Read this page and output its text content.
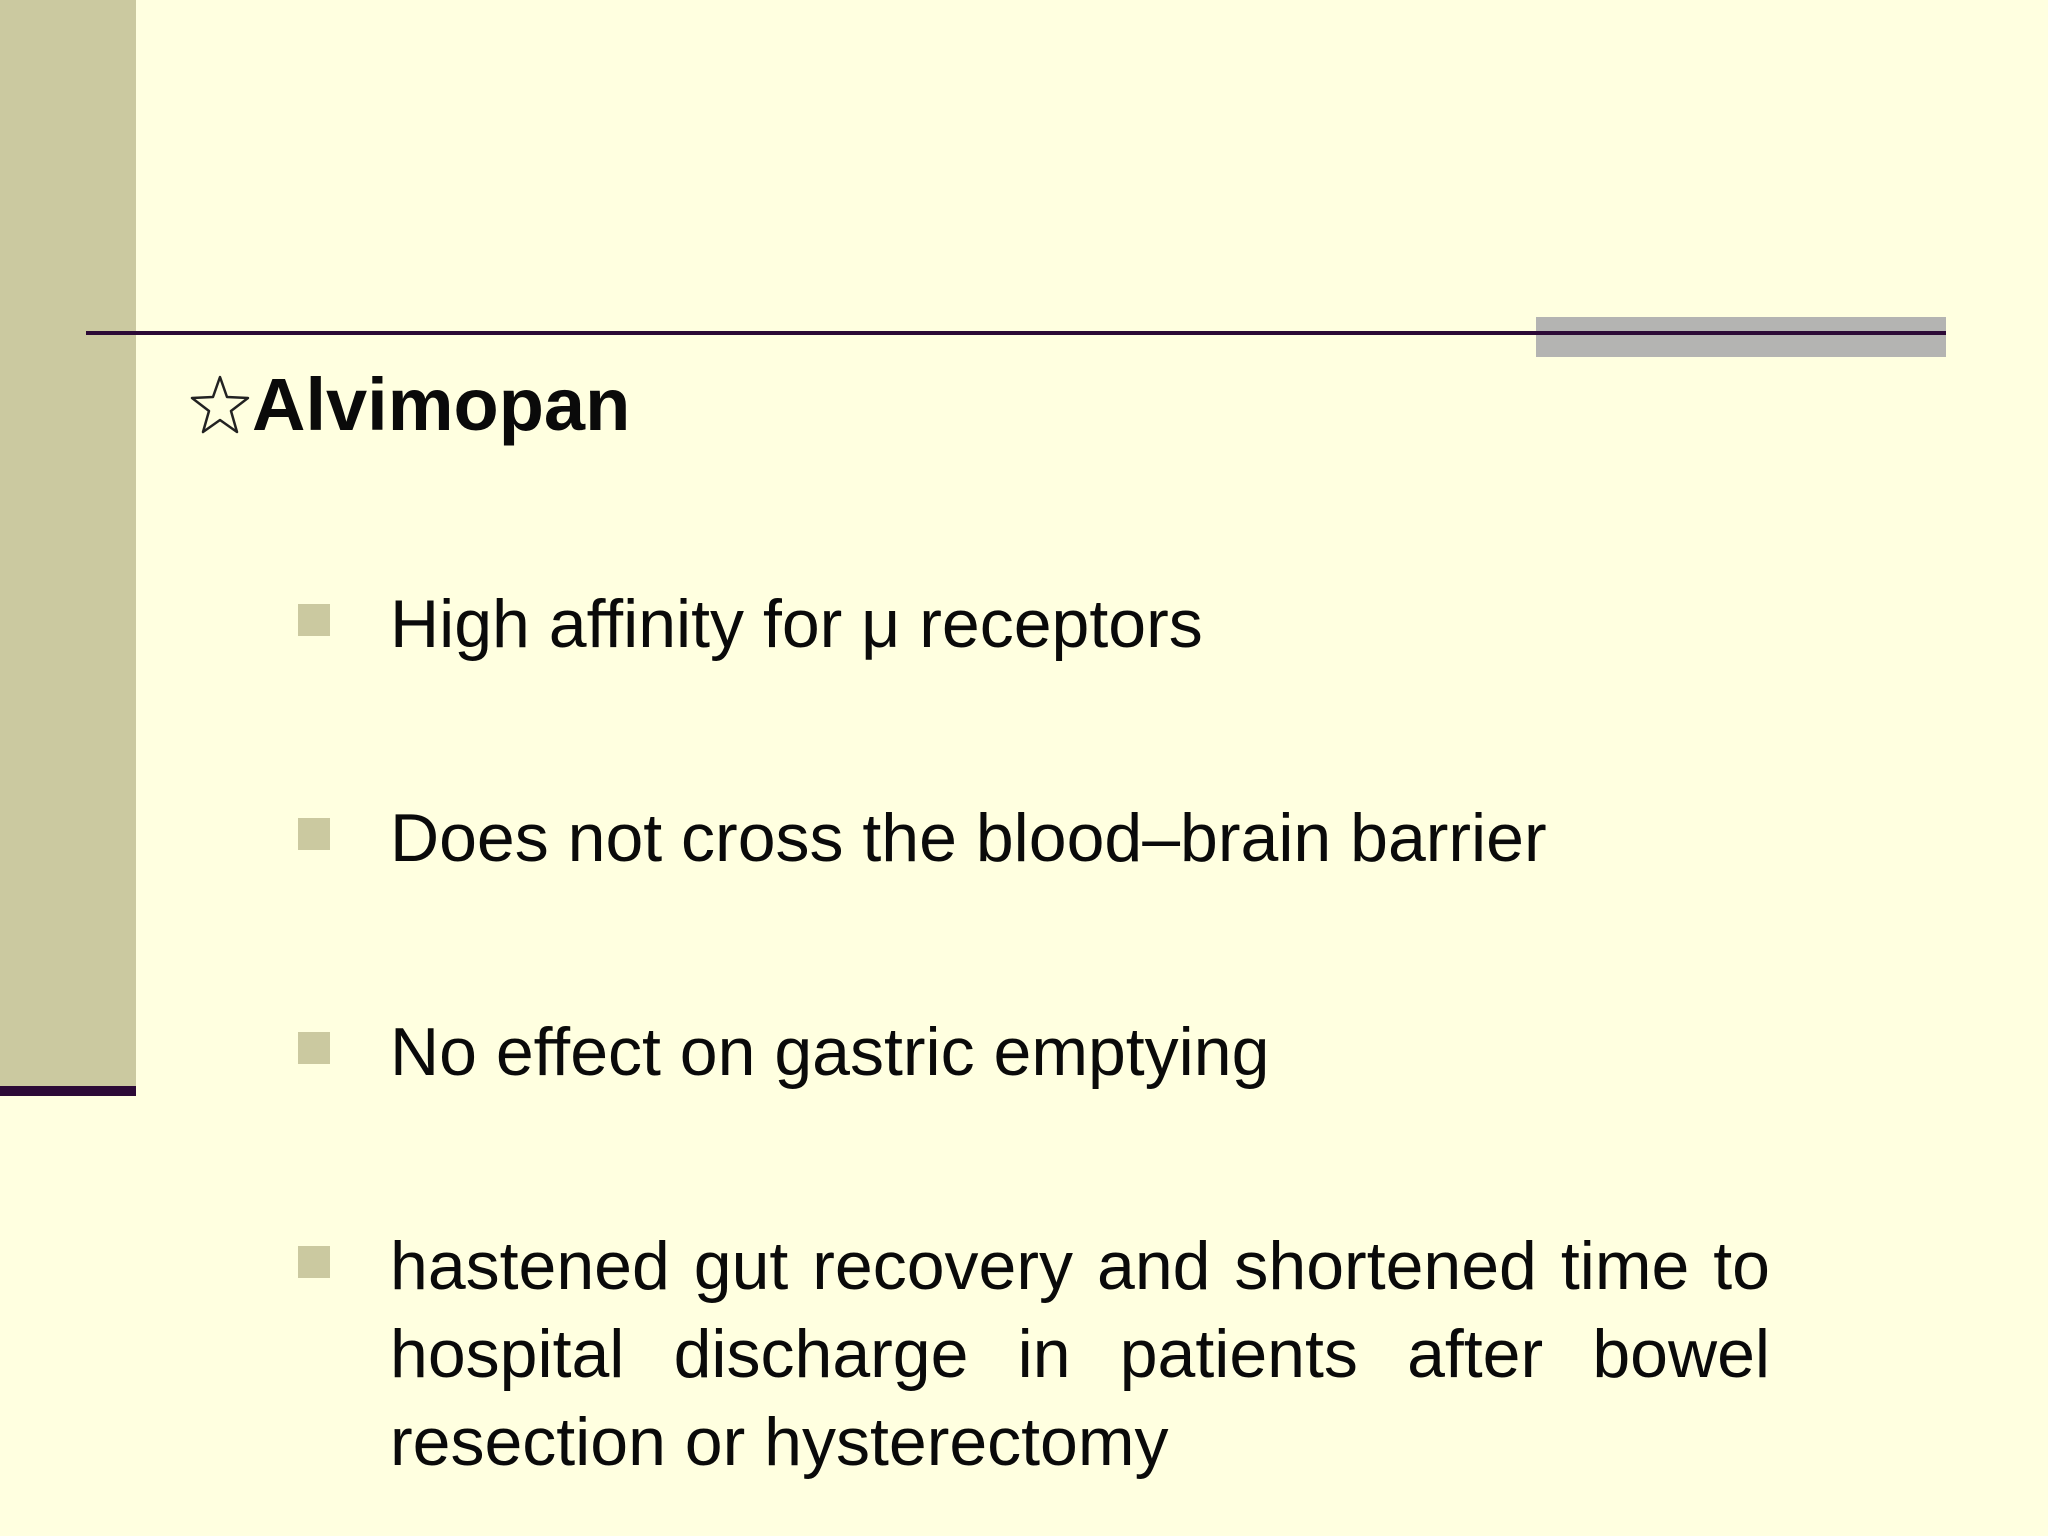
Alvimopan
High affinity for μ receptors
Does not cross the blood–brain barrier
No effect on gastric emptying
hastened gut recovery and shortened time to hospital discharge in patients after bowel resection or hysterectomy
